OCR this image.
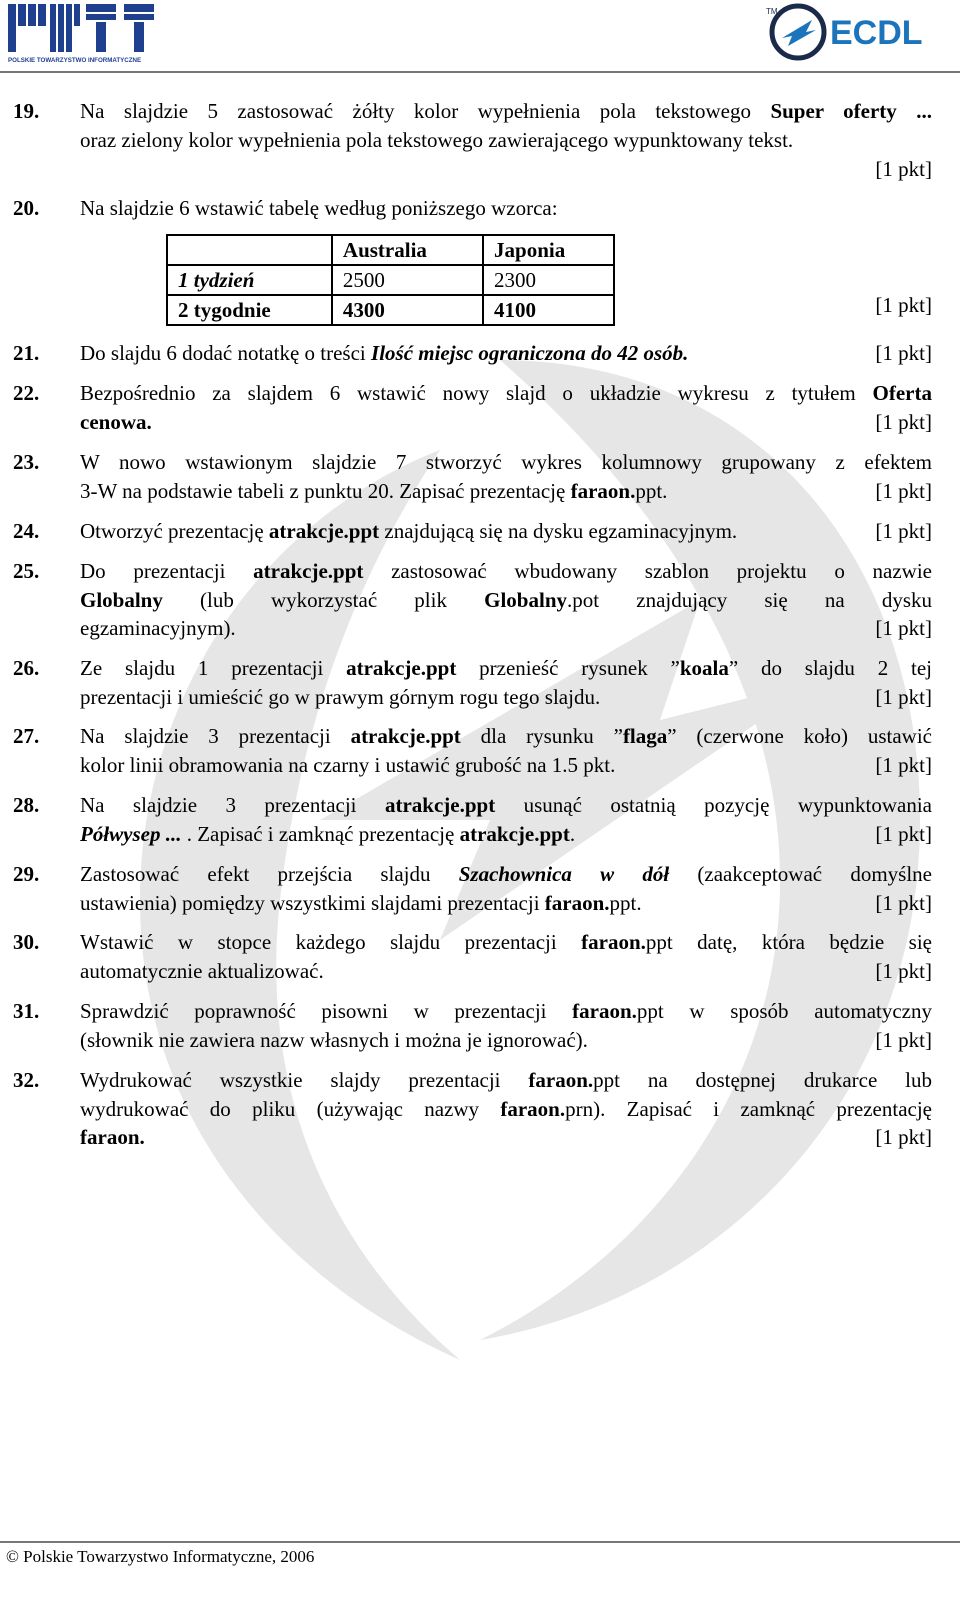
POLSKIE TOWARZYSTWO INFORMATYCZNE
TM
ECDL
19. Na slajdzie 5 zastosować żółty kolor wypełnienia pola tekstowego Super oferty ...
oraz zielony kolor wypełnienia pola tekstowego zawierającego wypunktowany tekst.
20. Na slajdzie 6 wstawić tabelę według poniższego wzorca:
21. Do slajdu 6 dodać notatkę o treści Ilość miejsc ograniczona do 42 osób.
22. Bezpośrednio za slajdem 6 wstawić nowy slajd o układzie wykresu z tytułem Oferta
cenowa.
23. W nowo wstawionym slajdzie 7 stworzyć wykres kolumnowy grupowany z efektem
3-W na podstawie tabeli z punktu 20. Zapisać prezentację faraon.ppt.
24. Otworzyć prezentację atrakcje.ppt znajdującą się na dysku egzaminacyjnym.
25. Do prezentacji atrakcje.ppt zastosować wbudowany szablon projektu o nazwie
Globalny (lub wykorzystać plik Globalny.pot znajdujący się na dysku
egzaminacyjnym).
26. Ze slajdu 1 prezentacji atrakcje.ppt przenieść rysunek ”koala” do slajdu 2 tej
prezentacji i umieścić go w prawym górnym rogu tego slajdu.
27. Na slajdzie 3 prezentacji atrakcje.ppt dla rysunku ”flaga” (czerwone koło) ustawić
kolor linii obramowania na czarny i ustawić grubość na 1.5 pkt.
28. Na slajdzie 3 prezentacji atrakcje.ppt usunąć ostatnią pozycję wypunktowania
Półwysep ... . Zapisać i zamknąć prezentację atrakcje.ppt.
29. Zastosować efekt przejścia slajdu Szachownica w dół (zaakceptować domyślne
ustawienia) pomiędzy wszystkimi slajdami prezentacji faraon.ppt.
30. Wstawić w stopce każdego slajdu prezentacji faraon.ppt datę, która będzie się
automatycznie aktualizować.
31. Sprawdzić poprawność pisowni w prezentacji faraon.ppt w sposób automatyczny
(słownik nie zawiera nazw własnych i można je ignorować).
32. Wydrukować wszystkie slajdy prezentacji faraon.ppt na dostępnej drukarce lub
wydrukować do pliku (używając nazwy faraon.prn). Zapisać i zamknąć prezentację
faraon.
	Australia	Japonia
1 tydzień	2500	2300
2 tygodnie	4300	4100
© Polskie Towarzystwo Informatyczne, 2006
[1 pkt]
[1 pkt]
[1 pkt]
[1 pkt]
[1 pkt]
[1 pkt]
[1 pkt]
[1 pkt]
[1 pkt]
[1 pkt]
[1 pkt]
[1 pkt]
[1 pkt]
[1 pkt]
